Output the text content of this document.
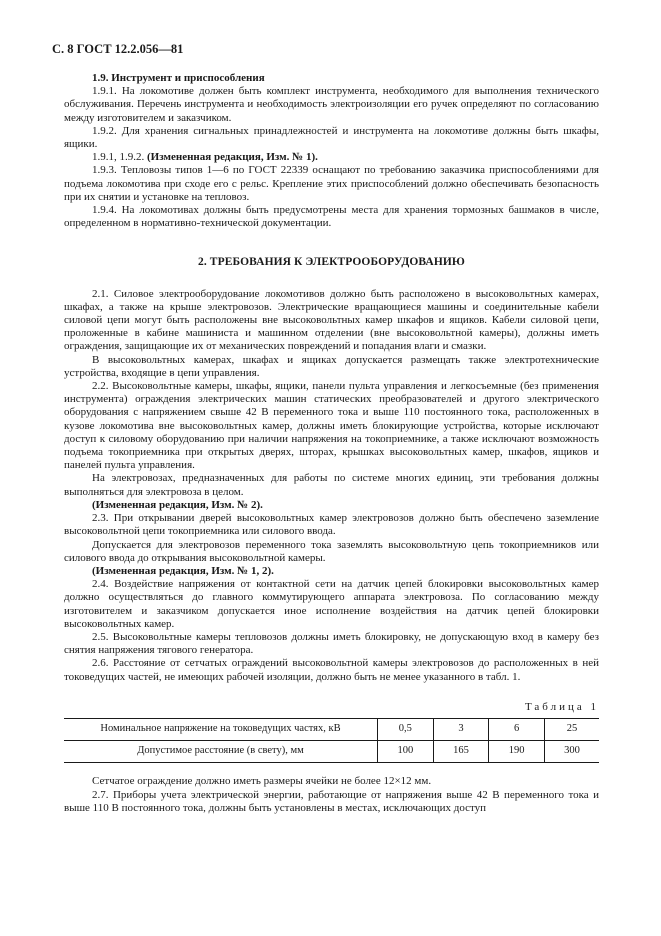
С. 8 ГОСТ 12.2.056—81

1.9. Инструмент и приспособления

1.9.1. На локомотиве должен быть комплект инструмента, необходимого для выполнения технического обслуживания. Перечень инструмента и необходимость электроизоляции его ручек определяют по согласованию между изготовителем и заказчиком.

1.9.2. Для хранения сигнальных принадлежностей и инструмента на локомотиве должны быть шкафы, ящики.

1.9.1, 1.9.2. (Измененная редакция, Изм. № 1).

1.9.3. Тепловозы типов 1—6 по ГОСТ 22339 оснащают по требованию заказчика приспособлениями для подъема локомотива при сходе его с рельс. Крепление этих приспособлений должно обеспечивать безопасность при их снятии и установке на тепловоз.

1.9.4. На локомотивах должны быть предусмотрены места для хранения тормозных башмаков в числе, определенном в нормативно-технической документации.

2. ТРЕБОВАНИЯ К ЭЛЕКТРООБОРУДОВАНИЮ

2.1. Силовое электрооборудование локомотивов должно быть расположено в высоковольтных камерах, шкафах, а также на крыше электровозов. Электрические вращающиеся машины и соединительные кабели силовой цепи могут быть расположены вне высоковольтных камер шкафов и ящиков. Кабели силовой цепи, проложенные в кабине машиниста и машинном отделении (вне высоковольтной камеры), должны иметь ограждения, защищающие их от механических повреждений и попадания влаги и смазки.

В высоковольтных камерах, шкафах и ящиках допускается размещать также электротехнические устройства, входящие в цепи управления.

2.2. Высоковольтные камеры, шкафы, ящики, панели пульта управления и легкосъемные (без применения инструмента) ограждения электрических машин статических преобразователей и другого электрического оборудования с напряжением свыше 42 В переменного тока и выше 110 постоянного тока, расположенных в кузове локомотива вне высоковольтных камер, должны иметь блокирующие устройства, которые исключают доступ к силовому оборудованию при наличии напряжения на токоприемнике, а также исключают возможность подъема токоприемника при открытых дверях, шторах, крышках высоковольтных камер, шкафов, ящиков и панелей пульта управления.

На электровозах, предназначенных для работы по системе многих единиц, эти требования должны выполняться для электровоза в целом.

(Измененная редакция, Изм. № 2).

2.3. При открывании дверей высоковольтных камер электровозов должно быть обеспечено заземление высоковольтной цепи токоприемника или силового ввода.

Допускается для электровозов переменного тока заземлять высоковольтную цепь токоприемников или силового ввода до открывания высоковольтной камеры.

(Измененная редакция, Изм. № 1, 2).

2.4. Воздействие напряжения от контактной сети на датчик цепей блокировки высоковольтных камер должно осуществляться до главного коммутирующего аппарата электровоза. По согласованию между изготовителем и заказчиком допускается иное исполнение воздействия на датчик цепей блокировки высоковольтных камер.

2.5. Высоковольтные камеры тепловозов должны иметь блокировку, не допускающую вход в камеру без снятия напряжения тягового генератора.

2.6. Расстояние от сетчатых ограждений высоковольтной камеры электровозов до расположенных в ней токоведущих частей, не имеющих рабочей изоляции, должно быть не менее указанного в табл. 1.

Таблица 1
Номинальное напряжение на токоведущих частях, кВ	0,5	3	6	25
Допустимое расстояние (в свету), мм	100	165	190	300

Сетчатое ограждение должно иметь размеры ячейки не более 12×12 мм.

2.7. Приборы учета электрической энергии, работающие от напряжения выше 42 В переменного тока и выше 110 В постоянного тока, должны быть установлены в местах, исключающих доступ
